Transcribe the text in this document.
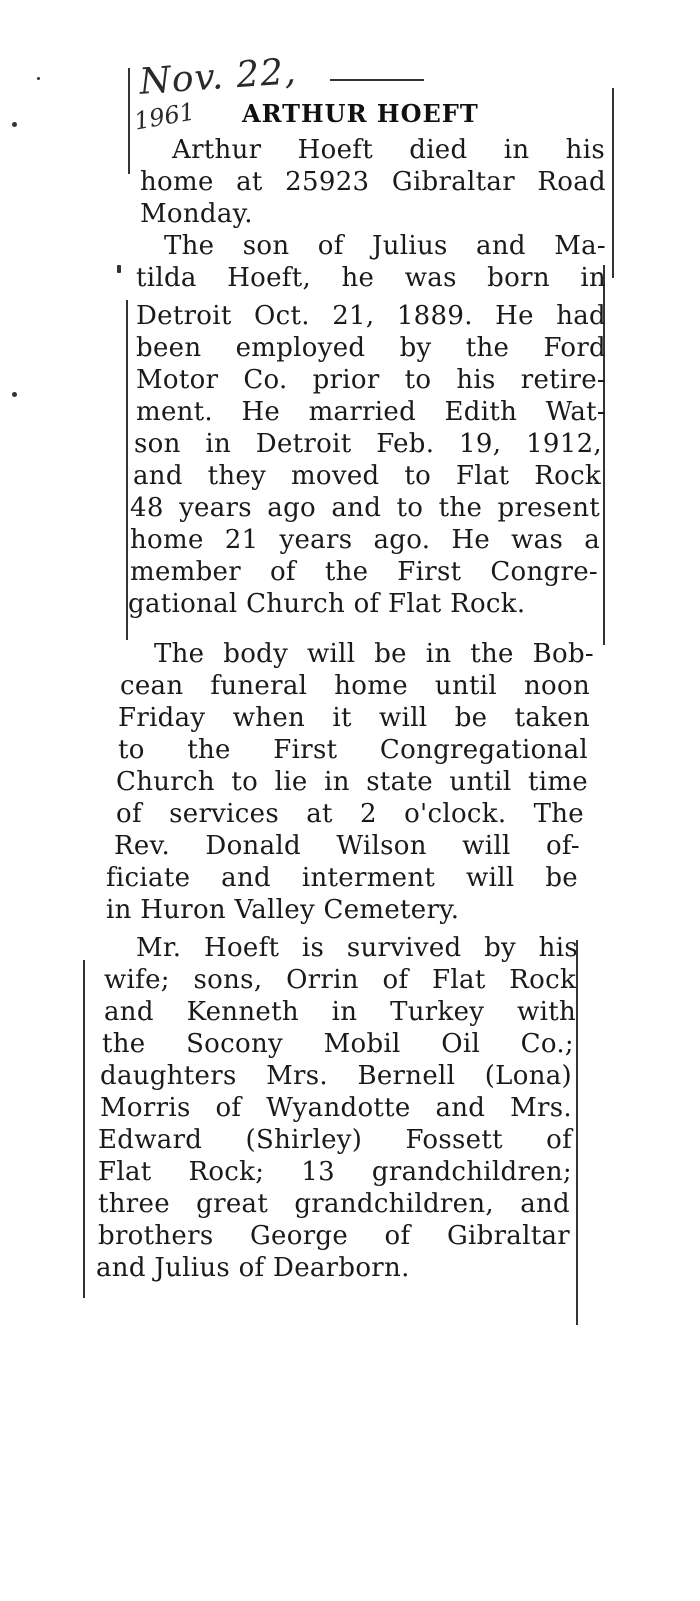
Nov. 22,
1961 ARTHUR HOEFT
Arthur Hoeft died in his
home at 25923 Gibraltar Road
Monday.
The son of Julius and Ma-
tilda Hoeft, he was born in
Detroit Oct. 21, 1889. He had
been employed by the Ford
Motor Co. prior to his retire-
ment. He married Edith Wat-
son in Detroit Feb. 19, 1912,
and they moved to Flat Rock
48 years ago and to the present
home 21 years ago. He was a
member of the First Congre-
gational Church of Flat Rock.
The body will be in the Bob-
cean funeral home until noon
Friday when it will be taken
to the First Congregational
Church to lie in state until time
of services at 2 o'clock. The
Rev. Donald Wilson will of-
ficiate and interment will be
in Huron Valley Cemetery.
Mr. Hoeft is survived by his
wife; sons, Orrin of Flat Rock
and Kenneth in Turkey with
the Socony Mobil Oil Co.;
daughters Mrs. Bernell (Lona)
Morris of Wyandotte and Mrs.
Edward (Shirley) Fossett of
Flat Rock; 13 grandchildren;
three great grandchildren, and
brothers George of Gibraltar
and Julius of Dearborn.
